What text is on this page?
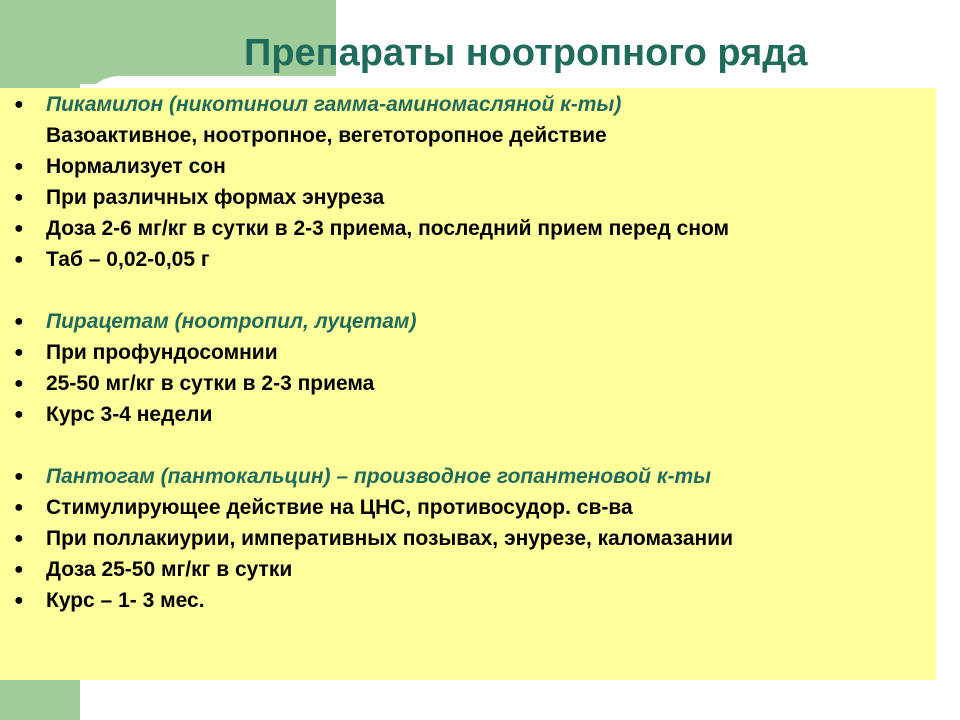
Препараты ноотропного ряда
● Пикамилон (никотиноил гамма-аминомасляной к-ты)
Вазоактивное, ноотропное, вегетоторопное действие
● Нормализует сон
● При различных формах энуреза
● Доза 2-6 мг/кг в сутки в 2-3 приема, последний прием перед сном
● Таб – 0,02-0,05 г
● Пирацетам (ноотропил, луцетам)
● При профундосомнии
● 25-50 мг/кг в сутки в 2-3 приема
● Курс 3-4 недели
● Пантогам (пантокальцин) – производное гопантеновой к-ты
● Стимулирующее действие на ЦНС, противосудор. св-ва
● При поллакиурии, императивных позывах, энурезе, каломазании
● Доза 25-50 мг/кг в сутки
● Курс – 1- 3 мес.
